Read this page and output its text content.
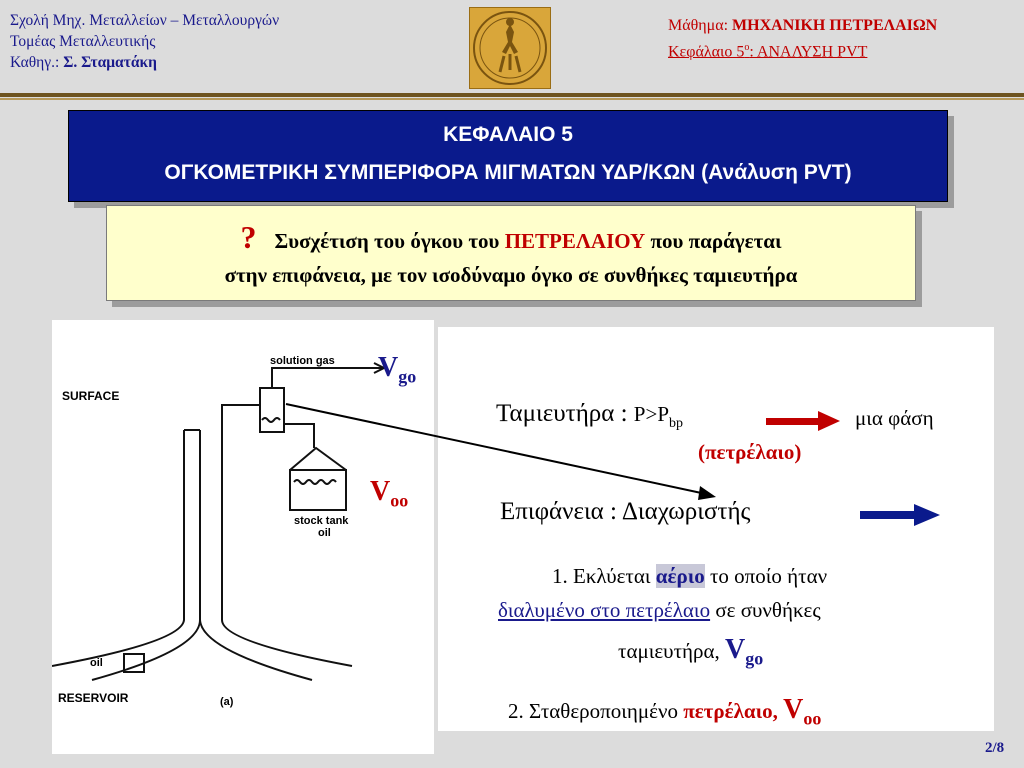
Σχολή Μηχ. Μεταλλείων – Μεταλλουργών
Τομέας Μεταλλευτικής
Καθηγ.: Σ. Σταματάκη
Μάθημα: ΜΗΧΑΝΙΚΗ ΠΕΤΡΕΛΑΙΩΝ
Κεφάλαιο $5^o$: ΑΝΑΛΥΣΗ PVT
ΚΕΦΑΛΑΙΟ 5
ΟΓΚΟΜΕΤΡΙΚΗ ΣΥΜΠΕΡΙΦΟΡΑ ΜΙΓΜΑΤΩΝ ΥΔΡ/ΚΩΝ (Ανάλυση PVT)
? Συσχέτιση του όγκου του ΠΕΤΡΕΛΑΙΟΥ που παράγεται
στην επιφάνεια, με τον ισοδύναμο όγκο σε συνθήκες ταμιευτήρα
solution gas
SURFACE
stock tank
oil
oil
RESERVOIR	(a)
$V_{go}$
$V_{oo}$
Ταμιευτήρα : $P>P_{bp}$	μια φάση
(πετρέλαιο)
Επιφάνεια : Διαχωριστής
1. Εκλύεται αέριο το οποίο ήταν
διαλυμένο στο πετρέλαιο σε συνθήκες
ταμιευτήρα, $V_{go}$
2. Σταθεροποιημένο πετρέλαιο, $V_{oo}$
2/8
